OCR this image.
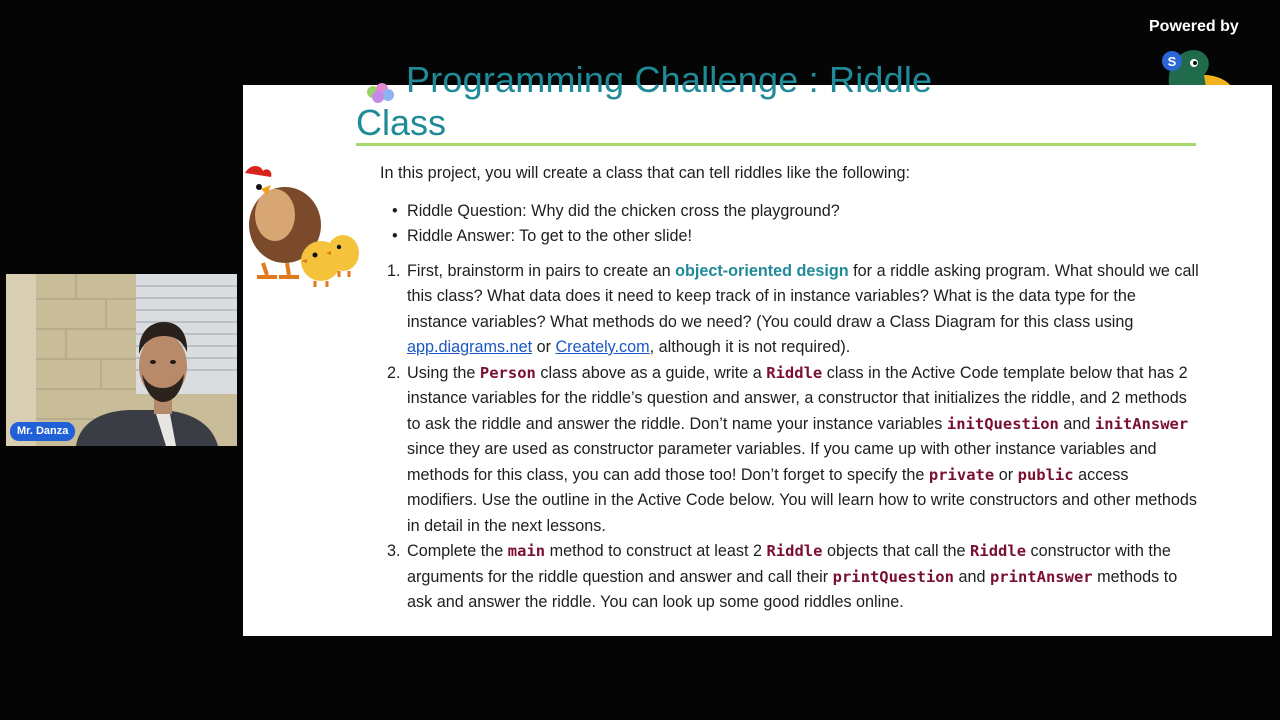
Powered by
S
Programming Challenge : Riddle
Class

In this project, you will create a class that can tell riddles like the following:

• Riddle Question: Why did the chicken cross the playground?
• Riddle Answer: To get to the other slide!
1. First, brainstorm in pairs to create an object-oriented design for a riddle asking program. What should we call this class? What data does it need to keep track of in instance variables? What is the data type for the instance variables? What methods do we need? (You could draw a Class Diagram for this class using app.diagrams.net or Creately.com, although it is not required).
2. Using the Person class above as a guide, write a Riddle class in the Active Code template below that has 2 instance variables for the riddle’s question and answer, a constructor that initializes the riddle, and 2 methods to ask the riddle and answer the riddle. Don’t name your instance variables initQuestion and initAnswer since they are used as constructor parameter variables. If you came up with other instance variables and methods for this class, you can add those too! Don’t forget to specify the private or public access modifiers. Use the outline in the Active Code below. You will learn how to write constructors and other methods in detail in the next lessons.
3. Complete the main method to construct at least 2 Riddle objects that call the Riddle constructor with the arguments for the riddle question and answer and call their printQuestion and printAnswer methods to ask and answer the riddle. You can look up some good riddles online.
Mr. Danza
